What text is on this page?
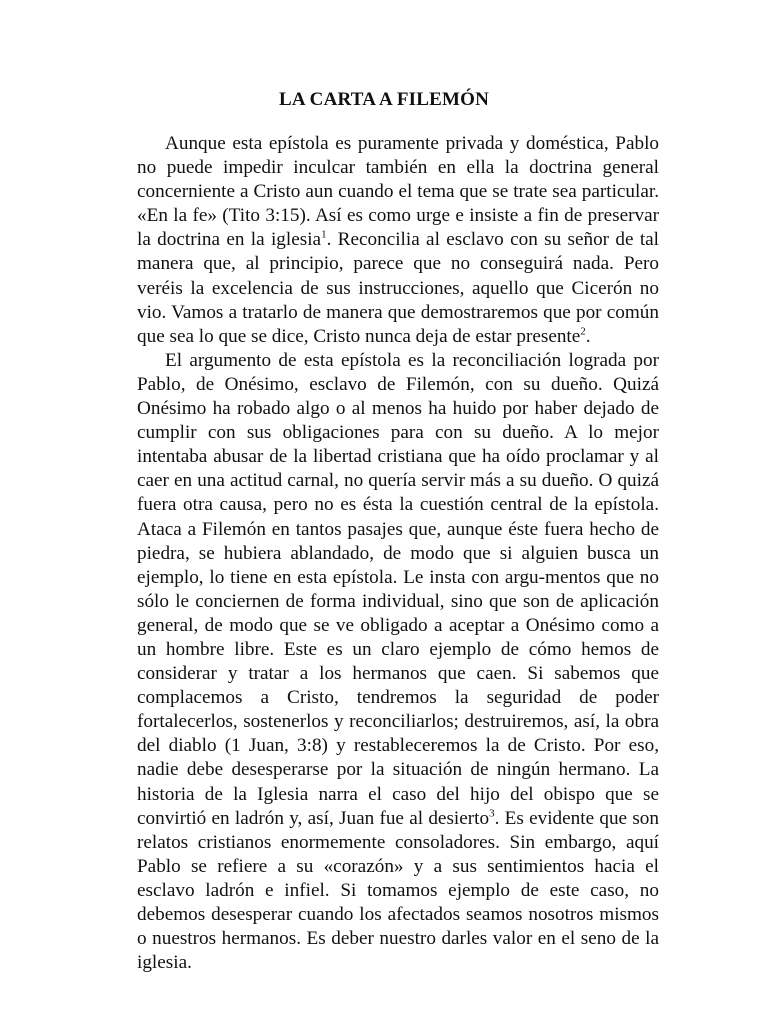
LA CARTA A FILEMÓN

Aunque esta epístola es puramente privada y doméstica, Pablo no puede impedir inculcar también en ella la doctrina general concerniente a Cristo aun cuando el tema que se trate sea particular. «En la fe» (Tito 3:15). Así es como urge e insiste a fin de preservar la doctrina en la iglesia$^1$. Reconcilia al esclavo con su señor de tal manera que, al principio, parece que no conseguirá nada. Pero veréis la excelencia de sus instrucciones, aquello que Cicerón no vio. Vamos a tratarlo de manera que demostraremos que por común que sea lo que se dice, Cristo nunca deja de estar presente$^2$.

El argumento de esta epístola es la reconciliación lograda por Pablo, de Onésimo, esclavo de Filemón, con su dueño. Quizá Onésimo ha robado algo o al menos ha huido por haber dejado de cumplir con sus obligaciones para con su dueño. A lo mejor intentaba abusar de la libertad cristiana que ha oído proclamar y al caer en una actitud carnal, no quería servir más a su dueño. O quizá fuera otra causa, pero no es ésta la cuestión central de la epístola. Ataca a Filemón en tantos pasajes que, aunque éste fuera hecho de piedra, se hubiera ablandado, de modo que si alguien busca un ejemplo, lo tiene en esta epístola. Le insta con argu-mentos que no sólo le conciernen de forma individual, sino que son de aplicación general, de modo que se ve obligado a aceptar a Onésimo como a un hombre libre. Este es un claro ejemplo de cómo hemos de considerar y tratar a los hermanos que caen. Si sabemos que complacemos a Cristo, tendremos la seguridad de poder fortalecerlos, sostenerlos y reconciliarlos; destruiremos, así, la obra del diablo (1 Juan, 3:8) y restableceremos la de Cristo. Por eso, nadie debe desesperarse por la situación de ningún hermano. La historia de la Iglesia narra el caso del hijo del obispo que se convirtió en ladrón y, así, Juan fue al desierto$^3$. Es evidente que son relatos cristianos enormemente consoladores. Sin embargo, aquí Pablo se refiere a su «corazón» y a sus sentimientos hacia el esclavo ladrón e infiel. Si tomamos ejemplo de este caso, no debemos desesperar cuando los afectados seamos nosotros mismos o nuestros hermanos. Es deber nuestro darles valor en el seno de la iglesia.
